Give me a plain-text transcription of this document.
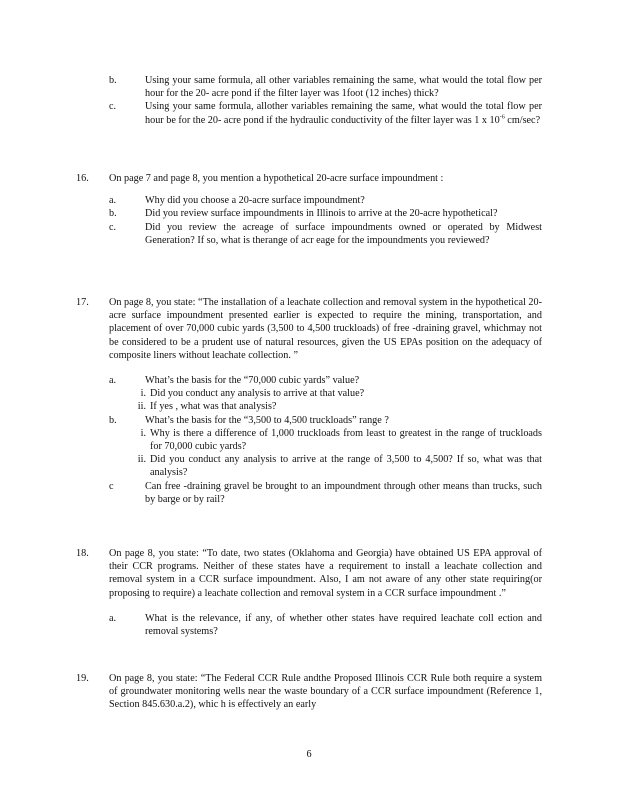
b.	Using your same formula, all other variables remaining the same, what would the total flow per hour for the 20- acre pond if the filter layer was 1foot (12 inches) thick?
c.	Using your same formula, allother variables remaining the same, what would the total flow per hour be for the 20- acre pond if the hydraulic conductivity of the filter layer was 1 x $10^{-6}$ cm/sec?
16.	On page 7 and page 8, you mention a hypothetical 20-acre surface impoundment :
a.	Why did you choose a 20-acre surface impoundment?
b.	Did you review surface impoundments in Illinois to arrive at the 20-acre hypothetical?
c.	Did you review the acreage of surface impoundments owned or operated by Midwest Generation? If so, what is therange of acr eage for the impoundments you reviewed?
17.	On page 8, you state: “The installation of a leachate collection and removal system in the hypothetical 20-acre surface impoundment presented earlier is expected to require the mining, transportation, and placement of over 70,000 cubic yards (3,500 to 4,500 truckloads) of free -draining gravel, whichmay not be considered to be a prudent use of natural resources, given the US EPAs position on the adequacy of composite liners without leachate collection. ”
a.	What’s the basis for the “70,000 cubic yards” value?
i. Did you conduct any analysis to arrive at that value?
ii. If yes , what was that analysis?
b.	What’s the basis for the “3,500 to 4,500 truckloads” range ?
i. Why is there a difference of 1,000 truckloads from least to greatest in the range of truckloads for 70,000 cubic yards?
ii. Did you conduct any analysis to arrive at the range of 3,500 to 4,500? If so, what was that analysis?
c	Can free -draining gravel be brought to an impoundment through other means than trucks, such by barge or by rail?
18.	On page 8, you state: “To date, two states (Oklahoma and Georgia) have obtained US EPA approval of their CCR programs. Neither of these states have a requirement to install a leachate collection and removal system in a CCR surface impoundment. Also, I am not aware of any other state requiring(or proposing to require) a leachate collection and removal system in a CCR surface impoundment .”
a.	What is the relevance, if any, of whether other states have required leachate coll ection and removal systems?
19.	On page 8, you state: “The Federal CCR Rule andthe Proposed Illinois CCR Rule both require a system of groundwater monitoring wells near the waste boundary of a CCR surface impoundment (Reference 1, Section 845.630.a.2), whic h is effectively an early
6
